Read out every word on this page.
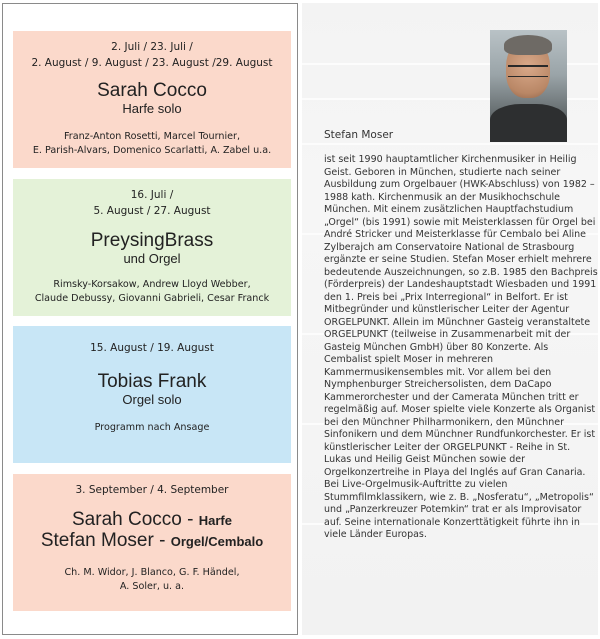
2. Juli / 23. Juli /
2. August / 9. August / 23. August /29. August
Sarah Cocco
Harfe solo
Franz-Anton Rosetti, Marcel Tournier,
E. Parish-Alvars, Domenico Scarlatti, A. Zabel u.a.
16. Juli /
5. August / 27. August
PreysingBrass
und Orgel
Rimsky-Korsakow, Andrew Lloyd Webber,
Claude Debussy, Giovanni Gabrieli, Cesar Franck
15. August / 19. August
Tobias Frank
Orgel solo
Programm nach Ansage
3. September / 4. September
Sarah Cocco - Harfe
Stefan Moser - Orgel/Cembalo
Ch. M. Widor, J. Blanco, G. F. Händel,
A. Soler, u. a.
Stefan Moser
ist seit 1990 hauptamtlicher Kirchenmusiker in Heilig Geist. Geboren in München, studierte nach seiner Ausbildung zum Orgelbauer (HWK-Abschluss) von 1982 – 1988 kath. Kirchenmusik an der Musikhochschule München. Mit einem zusätzlichen Hauptfachstudium „Orgel“ (bis 1991) sowie mit Meisterklassen für Orgel bei André Stricker und Meisterklasse für Cembalo bei Aline Zylberajch am Conservatoire National de Strasbourg ergänzte er seine Studien. Stefan Moser erhielt mehrere bedeutende Auszeichnungen, so z.B. 1985 den Bachpreis (Förderpreis) der Landeshauptstadt Wiesbaden und 1991 den 1. Preis bei „Prix Interregional“ in Belfort. Er ist Mitbegründer und künstlerischer Leiter der Agentur ORGELPUNKT. Allein im Münchner Gasteig veranstaltete ORGELPUNKT (teilweise in Zusammenarbeit mit der Gasteig München GmbH) über 80 Konzerte. Als Cembalist spielt Moser in mehreren Kammermusikensembles mit. Vor allem bei den Nymphenburger Streichersolisten, dem DaCapo Kammerorchester und der Camerata München tritt er regelmäßig auf. Moser spielte viele Konzerte als Organist bei den Münchner Philharmonikern, den Münchner Sinfonikern und dem Münchner Rundfunkorchester. Er ist künstlerischer Leiter der ORGELPUNKT - Reihe in St. Lukas und Heilig Geist München sowie der Orgelkonzertreihe in Playa del Inglés auf Gran Canaria. Bei Live-Orgelmusik-Auftritte zu vielen Stummfilmklassikern, wie z. B. „Nosferatu“, „Metropolis“ und „Panzerkreuzer Potemkin“ trat er als Improvisator auf. Seine internationale Konzerttätigkeit führte ihn in viele Länder Europas.
